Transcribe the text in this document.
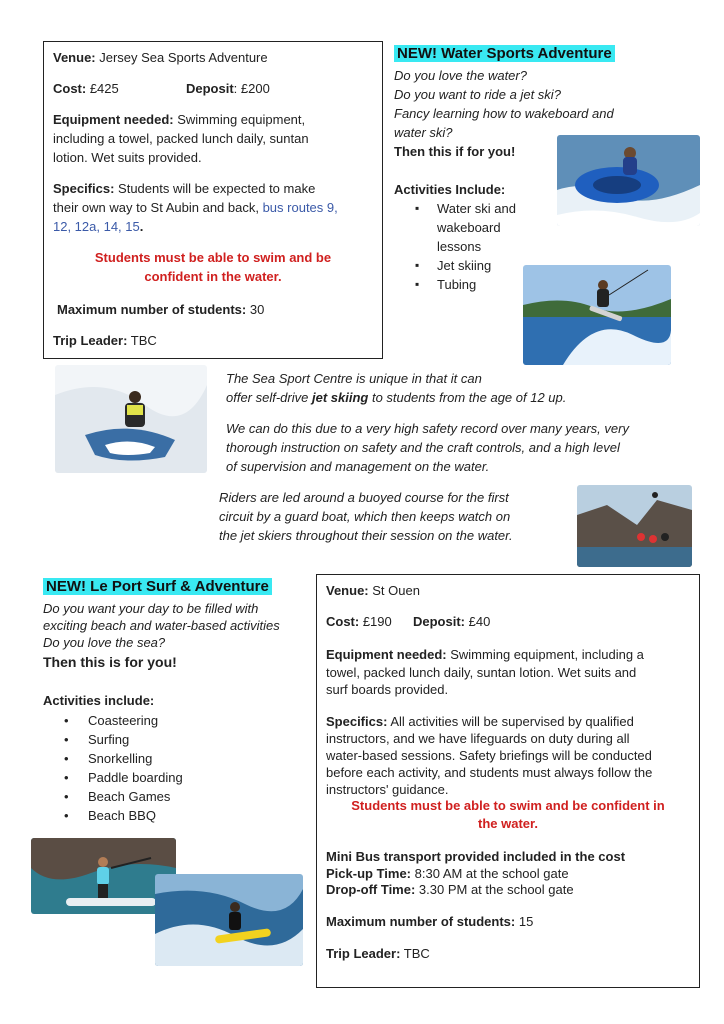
Venue: Jersey Sea Sports Adventure
Cost: £425	Deposit: £200
Equipment needed: Swimming equipment,
including a towel, packed lunch daily, suntan
lotion. Wet suits provided.
Specifics: Students will be expected to make
their own way to St Aubin and back, bus routes 9,
12, 12a, 14, 15.
Students must be able to swim and be
confident in the water.
Maximum number of students: 30
Trip Leader: TBC
NEW! Water Sports Adventure
Do you love the water?
Do you want to ride a jet ski?
Fancy learning how to wakeboard and
water ski?
Then this if for you!
Activities Include:
▪ Water ski and
wakeboard
lessons
▪ Jet skiing
▪ Tubing
The Sea Sport Centre is unique in that it can
offer self-drive jet skiing to students from the age of 12 up.
We can do this due to a very high safety record over many years, very
thorough instruction on safety and the craft controls, and a high level
of supervision and management on the water.
Riders are led around a buoyed course for the first
circuit by a guard boat, which then keeps watch on
the jet skiers throughout their session on the water.
NEW! Le Port Surf & Adventure
Do you want your day to be filled with
exciting beach and water-based activities
Do you love the sea?
Then this is for you!
Activities include:
• Coasteering
• Surfing
• Snorkelling
• Paddle boarding
• Beach Games
• Beach BBQ
Venue: St Ouen
Cost: £190 Deposit: £40
Equipment needed: Swimming equipment, including a
towel, packed lunch daily, suntan lotion. Wet suits and
surf boards provided.
Specifics: All activities will be supervised by qualified
instructors, and we have lifeguards on duty during all
water-based sessions. Safety briefings will be conducted
before each activity, and students must always follow the
instructors' guidance.
Students must be able to swim and be confident in
the water.
Mini Bus transport provided included in the cost
Pick-up Time: 8:30 AM at the school gate
Drop-off Time: 3.30 PM at the school gate
Maximum number of students: 15
Trip Leader: TBC
